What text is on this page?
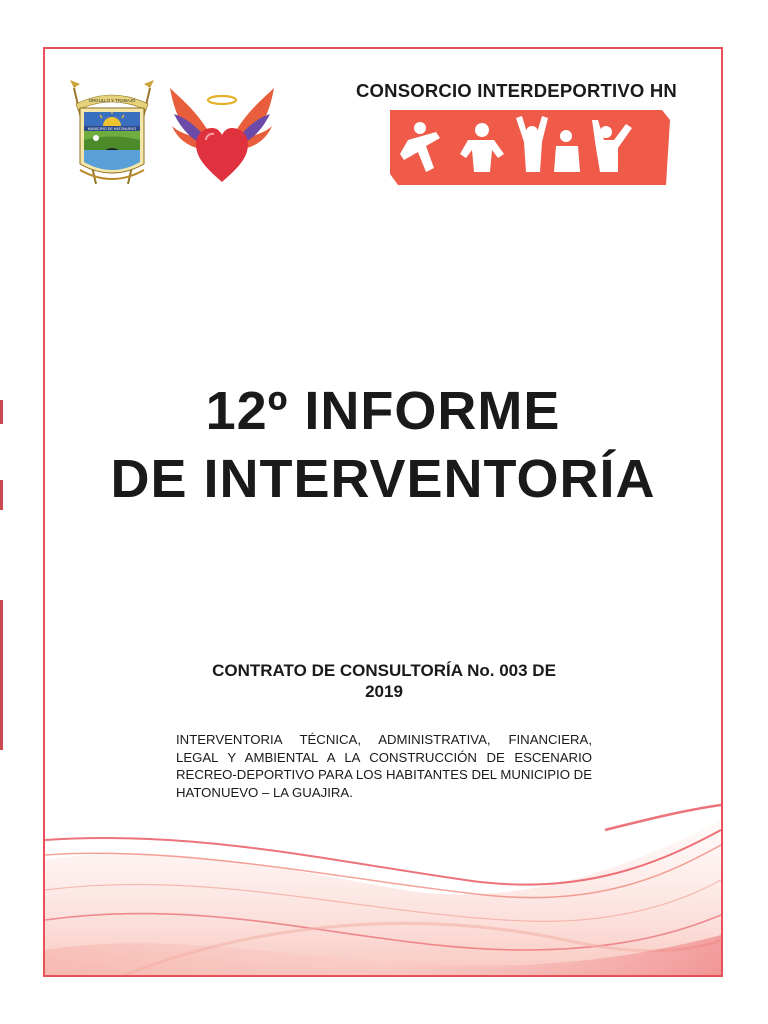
ORGULLO Y TRABAJO
MUNICIPIO DE HATONUEVO
CONSORCIO INTERDEPORTIVO HN
12º INFORME
DE INTERVENTORÍA
CONTRATO DE CONSULTORÍA No. 003 DE
2019

INTERVENTORIA TÉCNICA, ADMINISTRATIVA, FINANCIERA, LEGAL Y AMBIENTAL A LA CONSTRUCCIÓN DE ESCENARIO RECREO-DEPORTIVO PARA LOS HABITANTES DEL MUNICIPIO DE HATONUEVO – LA GUAJIRA.
